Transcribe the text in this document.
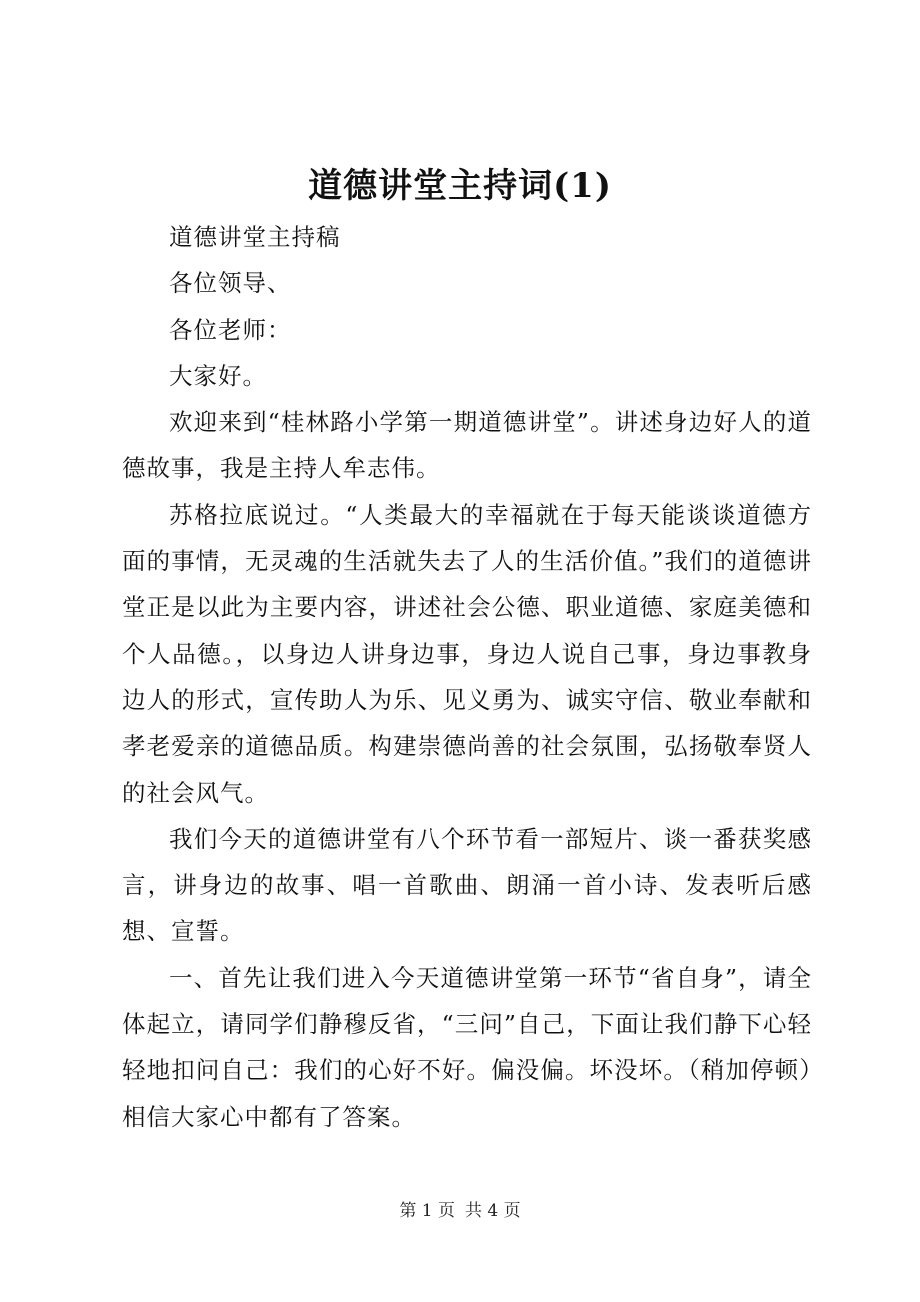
道德讲堂主持词(1)

道德讲堂主持稿

各位领导、

各位老师：

大家好。

欢迎来到“桂林路小学第一期道德讲堂”。讲述身边好人的道德故事，我是主持人牟志伟。

苏格拉底说过。“人类最大的幸福就在于每天能谈谈道德方面的事情，无灵魂的生活就失去了人的生活价值。”我们的道德讲堂正是以此为主要内容，讲述社会公德、职业道德、家庭美德和个人品德。，以身边人讲身边事，身边人说自己事，身边事教身边人的形式，宣传助人为乐、见义勇为、诚实守信、敬业奉献和孝老爱亲的道德品质。构建崇德尚善的社会氛围，弘扬敬奉贤人的社会风气。

我们今天的道德讲堂有八个环节看一部短片、谈一番获奖感言，讲身边的故事、唱一首歌曲、朗涌一首小诗、发表听后感想、宣誓。

一、首先让我们进入今天道德讲堂第一环节“省自身”，请全体起立，请同学们静穆反省，“三问”自己，下面让我们静下心轻轻地扣问自己：我们的心好不好。偏没偏。坏没坏。（稍加停顿）相信大家心中都有了答案。

第 1 页 共 4 页
